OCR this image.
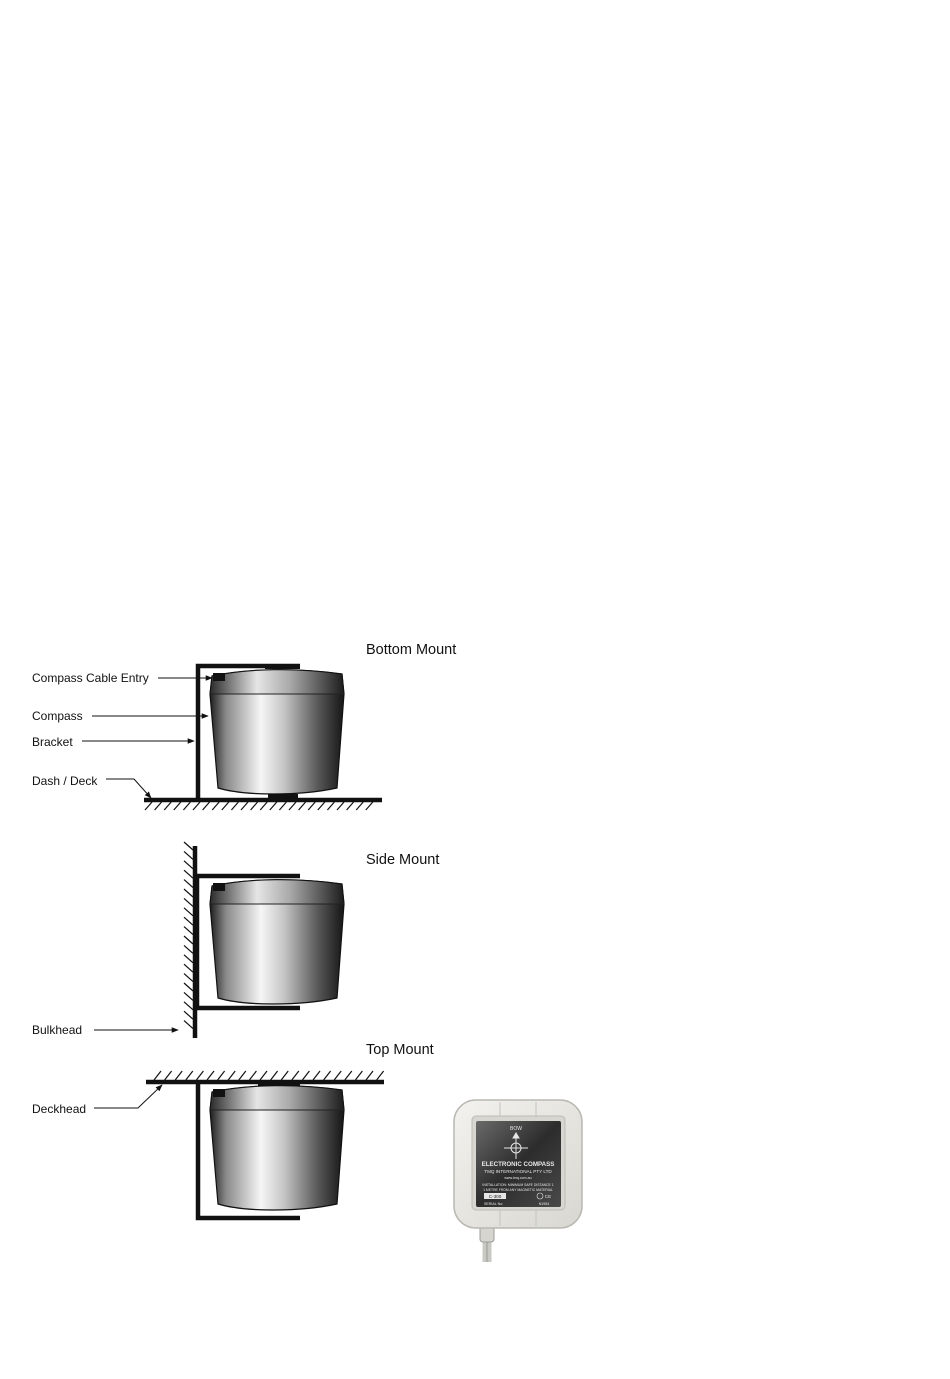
Bottom Mount
Compass Cable Entry
Compass
Bracket
Dash / Deck
Side Mount
Bulkhead
Top Mount
Deckhead
BOW
ELECTRONIC COMPASS
TMQ INTERNATIONAL PTY LTD
www.tmq.com.au
INSTALLATION: MINIMUM SAFE DISTANCE 1
1 METRE FROM ANY MAGNETIC MATERIAL
C-300
SERIAL No:
CE
N1954
